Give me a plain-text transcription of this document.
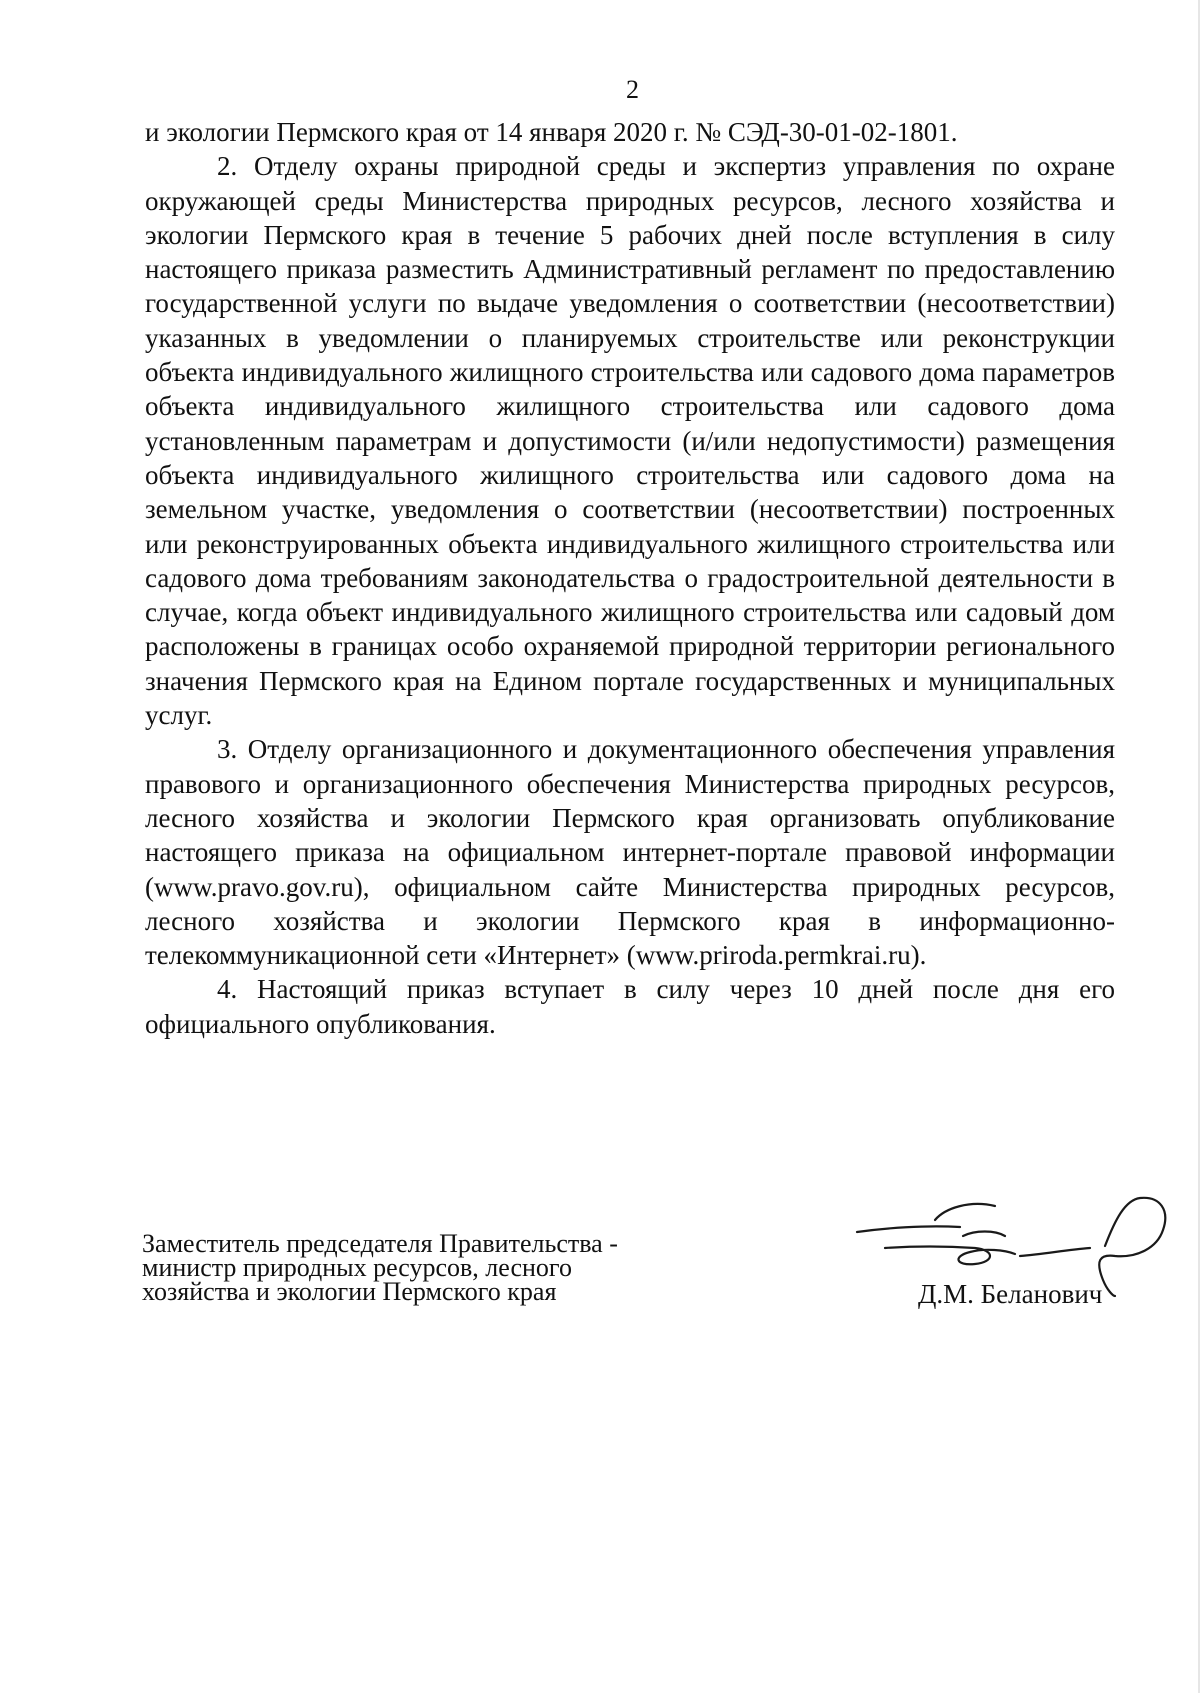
2

и экологии Пермского края от 14 января 2020 г. № СЭД-30-01-02-1801.

2. Отделу охраны природной среды и экспертиз управления по охране окружающей среды Министерства природных ресурсов, лесного хозяйства и экологии Пермского края в течение 5 рабочих дней после вступления в силу настоящего приказа разместить Административный регламент по предоставлению государственной услуги по выдаче уведомления о соответствии (несоответствии) указанных в уведомлении о планируемых строительстве или реконструкции объекта индивидуального жилищного строительства или садового дома параметров объекта индивидуального жилищного строительства или садового дома установленным параметрам и допустимости (и/или недопустимости) размещения объекта индивидуального жилищного строительства или садового дома на земельном участке, уведомления о соответствии (несоответствии) построенных или реконструированных объекта индивидуального жилищного строительства или садового дома требованиям законодательства о градостроительной деятельности в случае, когда объект индивидуального жилищного строительства или садовый дом расположены в границах особо охраняемой природной территории регионального значения Пермского края на Едином портале государственных и муниципальных услуг.

3. Отделу организационного и документационного обеспечения управления правового и организационного обеспечения Министерства природных ресурсов, лесного хозяйства и экологии Пермского края организовать опубликование настоящего приказа на официальном интернет-портале правовой информации (www.pravo.gov.ru), официальном сайте Министерства природных ресурсов, лесного хозяйства и экологии Пермского края в информационно-телекоммуникационной сети «Интернет» (www.priroda.permkrai.ru).

4. Настоящий приказ вступает в силу через 10 дней после дня его официального опубликования.

Заместитель председателя Правительства -
министр природных ресурсов, лесного
хозяйства и экологии Пермского края	Д.М. Беланович
